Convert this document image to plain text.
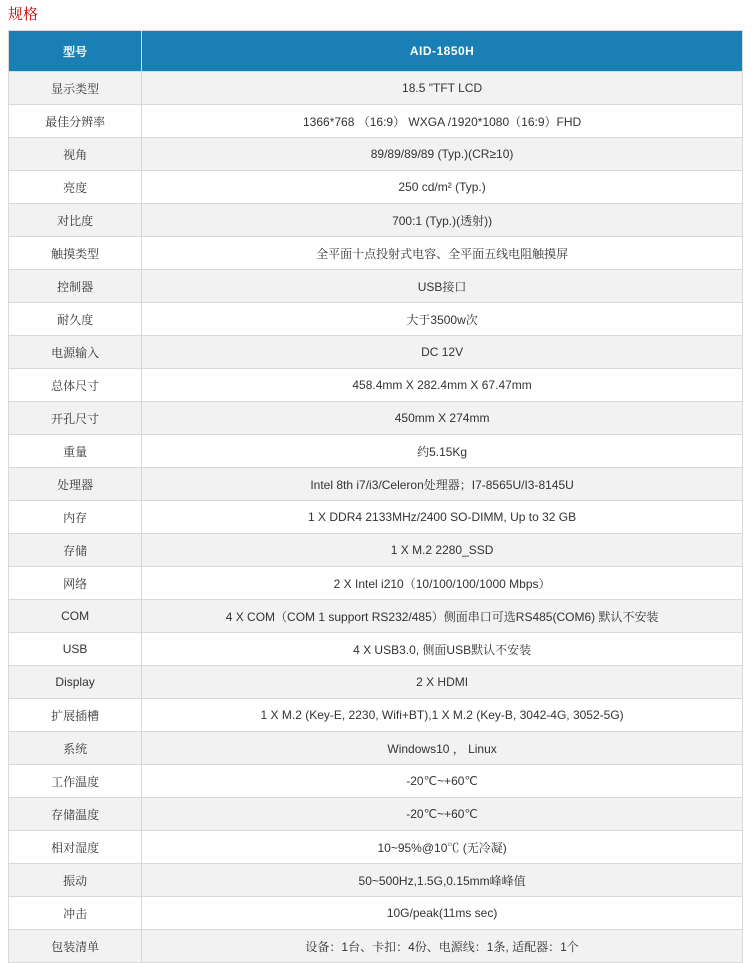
规格
型号	AID-1850H
显示类型	18.5 "TFT LCD
最佳分辨率	1366*768 （16:9） WXGA /1920*1080（16:9）FHD
视角	89/89/89/89 (Typ.)(CR≥10)
亮度	250 cd/m² (Typ.)
对比度	700:1 (Typ.)(透射))
触摸类型	全平面十点投射式电容、全平面五线电阻触摸屏
控制器	USB接口
耐久度	大于3500w次
电源输入	DC 12V
总体尺寸	458.4mm X 282.4mm X 67.47mm
开孔尺寸	450mm X 274mm
重量	约5.15Kg
处理器	Intel 8th i7/i3/Celeron处理器；I7-8565U/I3-8145U
内存	1 X DDR4 2133MHz/2400 SO-DIMM, Up to 32 GB
存储	1 X M.2 2280_SSD
网络	2 X Intel i210（10/100/100/1000 Mbps）
COM	4 X COM（COM 1 support RS232/485）侧面串口可选RS485(COM6) 默认不安装
USB	4 X USB3.0, 侧面USB默认不安装
Display	2 X HDMI
扩展插槽	1 X M.2 (Key-E, 2230, Wifi+BT),1 X M.2 (Key-B, 3042-4G, 3052-5G)
系统	Windows10 ， Linux
工作温度	-20℃~+60℃
存储温度	-20℃~+60℃
相对湿度	10~95%@10℃ (无冷凝)
振动	50~500Hz,1.5G,0.15mm峰峰值
冲击	10G/peak(11ms sec)
包装清单	设备：1台、卡扣：4份、电源线：1条, 适配器：1个
